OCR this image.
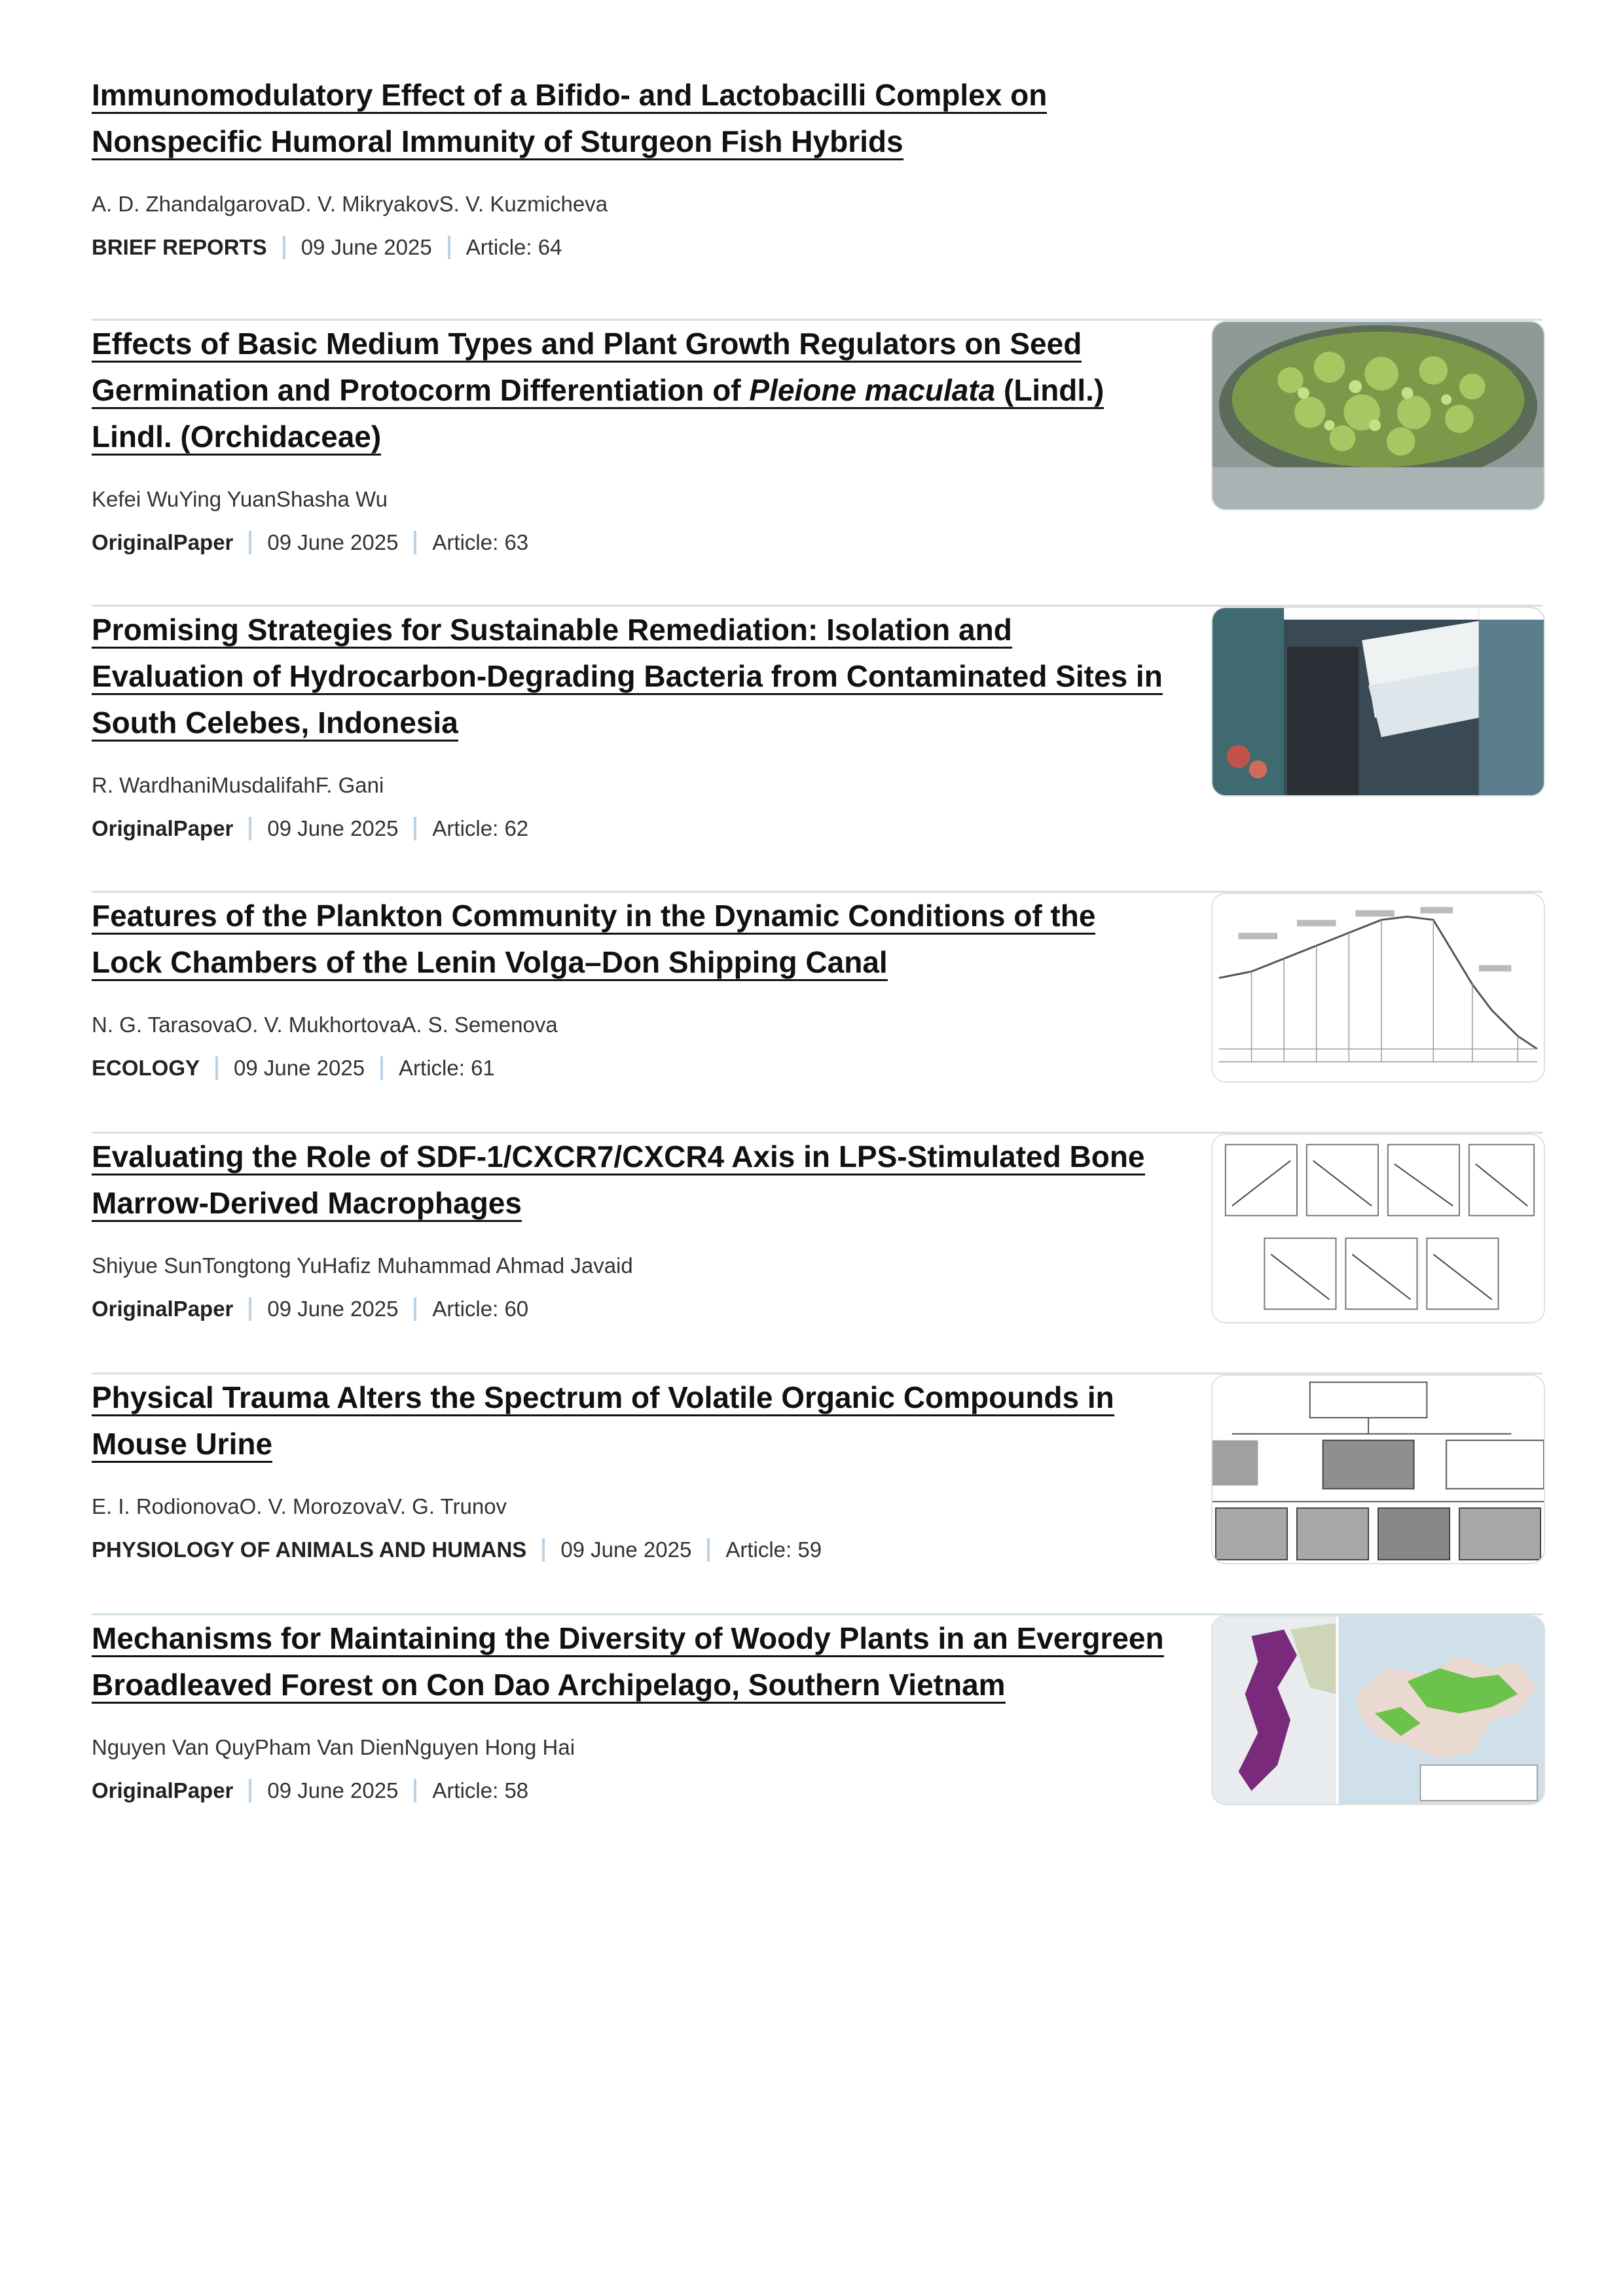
Immunomodulatory Effect of a Bifido- and Lactobacilli Complex on Nonspecific Humoral Immunity of Sturgeon Fish Hybrids
A. D. ZhandalgarovaD. V. MikryakovS. V. Kuzmicheva
BRIEF REPORTS 09 June 2025 Article: 64
Effects of Basic Medium Types and Plant Growth Regulators on Seed Germination and Protocorm Differentiation of Pleione maculata (Lindl.) Lindl. (Orchidaceae)
Kefei WuYing YuanShasha Wu
OriginalPaper 09 June 2025 Article: 63
Promising Strategies for Sustainable Remediation: Isolation and Evaluation of Hydrocarbon-Degrading Bacteria from Contaminated Sites in South Celebes, Indonesia
R. WardhaniMusdalifahF. Gani
OriginalPaper 09 June 2025 Article: 62
Features of the Plankton Community in the Dynamic Conditions of the Lock Chambers of the Lenin Volga–Don Shipping Canal
N. G. TarasovaO. V. MukhortovaA. S. Semenova
ECOLOGY 09 June 2025 Article: 61
Evaluating the Role of SDF-1/CXCR7/CXCR4 Axis in LPS-Stimulated Bone Marrow-Derived Macrophages
Shiyue SunTongtong YuHafiz Muhammad Ahmad Javaid
OriginalPaper 09 June 2025 Article: 60
Physical Trauma Alters the Spectrum of Volatile Organic Compounds in Mouse Urine
E. I. RodionovaO. V. MorozovaV. G. Trunov
PHYSIOLOGY OF ANIMALS AND HUMANS 09 June 2025 Article: 59
Mechanisms for Maintaining the Diversity of Woody Plants in an Evergreen Broadleaved Forest on Con Dao Archipelago, Southern Vietnam
Nguyen Van QuyPham Van DienNguyen Hong Hai
OriginalPaper 09 June 2025 Article: 58
